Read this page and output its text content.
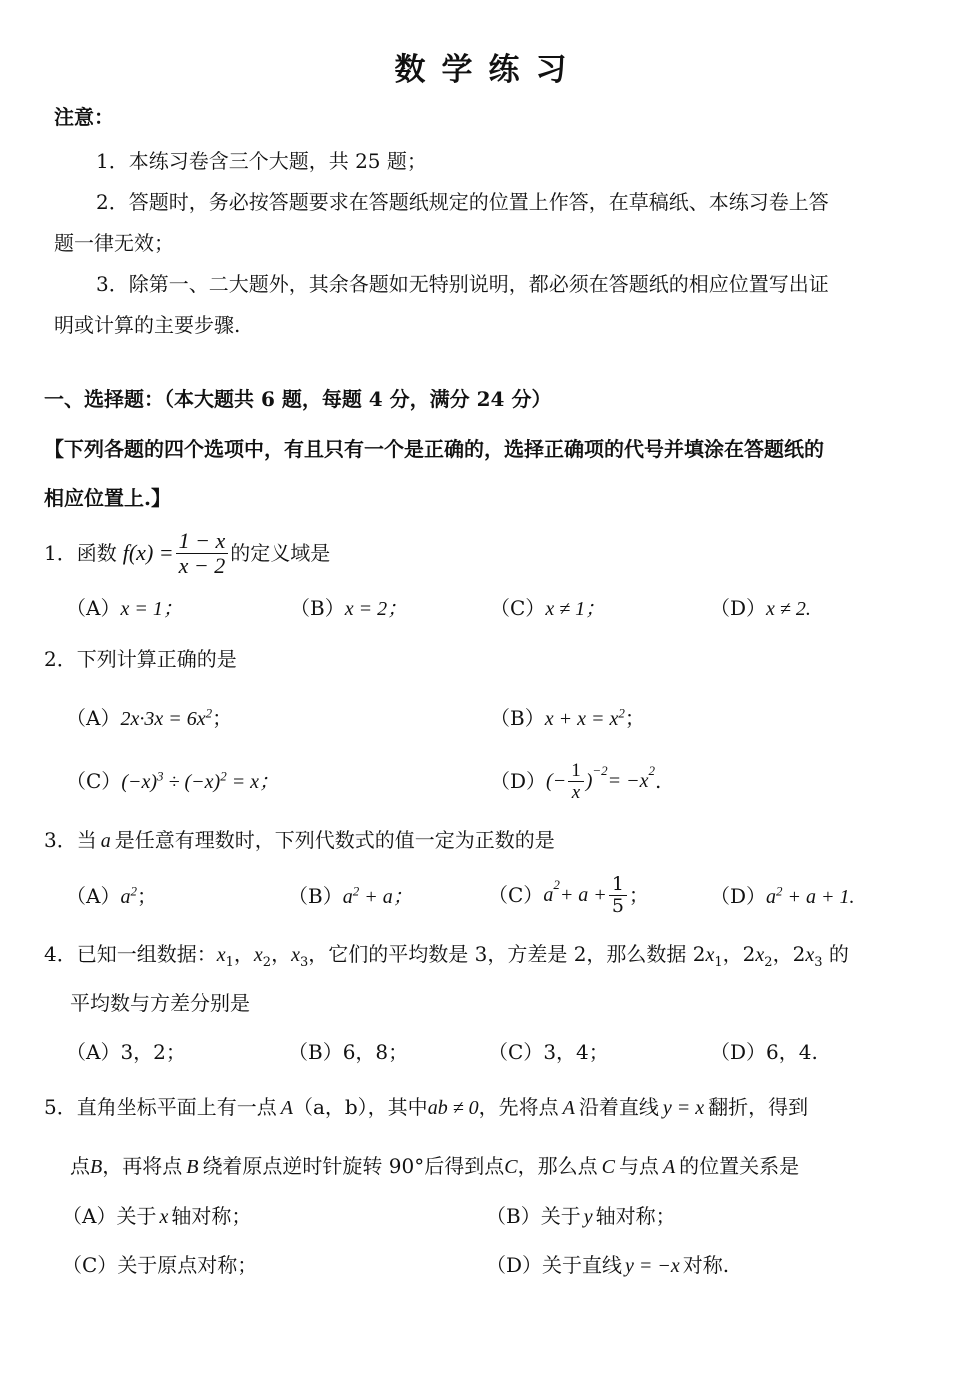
数学练习
注意：
1．本练习卷含三个大题，共 25 题；
2．答题时，务必按答题要求在答题纸规定的位置上作答，在草稿纸、本练习卷上答
题一律无效；
3．除第一、二大题外，其余各题如无特别说明，都必须在答题纸的相应位置写出证
明或计算的主要步骤.
一、选择题：（本大题共 6 题，每题 4 分，满分 24 分）
【下列各题的四个选项中，有且只有一个是正确的，选择正确项的代号并填涂在答题纸的
相应位置上.】
1．函数 $f(x) = \frac{1 - x}{x - 2}$ 的定义域是
（A）x = 1；	（B）x = 2；	（C）x ≠ 1；	（D）x ≠ 2.
2．下列计算正确的是
$(A)2x\cdot 3x = 6x^2$；	$(B)x + x = x^2$；
$(C)(-x)^3 \div (-x)^2 = x$；	（D） (− $\frac{1}{x} )^{-2} = -x^2$ .
3．当 a 是任意有理数时，下列代数式的值一定为正数的是
$(A)a^2$；	$(B)a^2 + a$；	（C） $a^2 + a + \frac{1}{5}$ ；	$(D)a^2 + a + 1$.
4．已知一组数据：$x_1$，$x_2$，$x_3$，它们的平均数是 3，方差是 2，那么数据 $2x_1$，$2x_2$，$2x_3$ 的
平均数与方差分别是
（A）3，2；	（B）6，8；	（C）3，4；	（D）6，4.
5．直角坐标平面上有一点 A（a，b），其中ab ≠ 0，先将点 A 沿着直线 y = x 翻折，得到
点B，再将点 B 绕着原点逆时针旋转 90°后得到点C，那么点 C 与点 A 的位置关系是
（A）关于 x 轴对称；	（B）关于 y 轴对称；
（C）关于原点对称；	（D）关于直线 y = −x 对称.
